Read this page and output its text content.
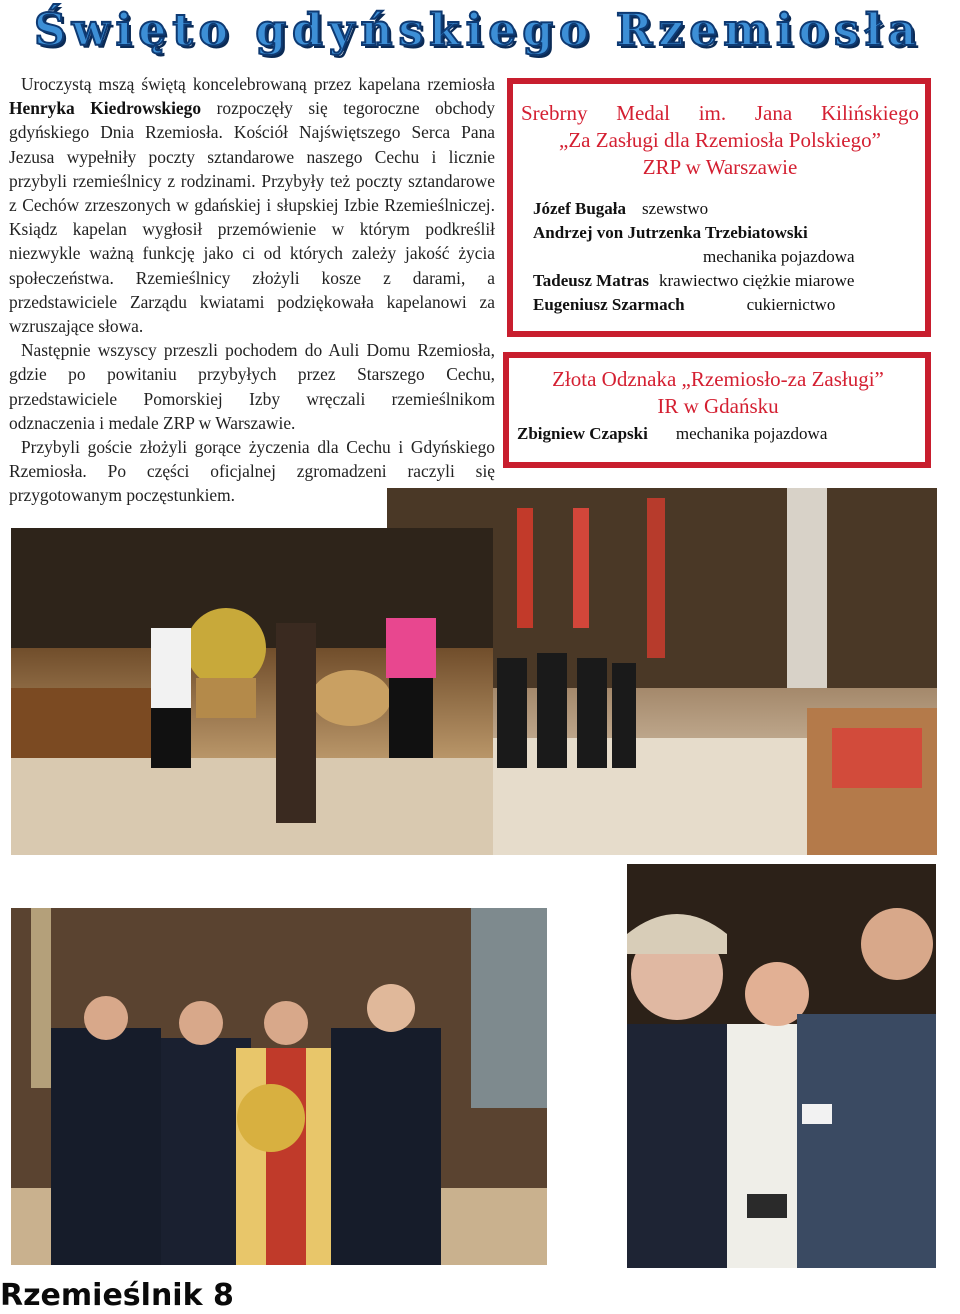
Święto gdyńskiego Rzemiosła

Uroczystą mszą świętą koncelebrowaną przez kapelana rzemiosła Henryka Kiedrowskiego rozpoczęły się tegoroczne obchody gdyńskiego Dnia Rzemiosła. Kościół Najświętszego Serca Pana Jezusa wypełniły poczty sztandarowe naszego Cechu i licznie przybyli rzemieślnicy z rodzinami. Przybyły też poczty sztandarowe z Cechów zrzeszonych w gdańskiej i słupskiej Izbie Rzemieślniczej. Ksiądz kapelan wygłosił przemówienie w którym podkreślił niezwykle ważną funkcję jako ci od których zależy jakość życia społeczeństwa. Rzemieślnicy złożyli kosze z darami, a przedstawiciele Zarządu kwiatami podziękowała kapelanowi za wzruszające słowa.

Następnie wszyscy przeszli pochodem do Auli Domu Rzemiosła, gdzie po powitaniu przybyłych przez Starszego Cechu, przedstawiciele Pomorskiej Izby wręczali rzemieślnikom odznaczenia i medale ZRP w Warszawie.

Przybyli goście złożyli gorące życzenia dla Cechu i Gdyńskiego Rzemiosła. Po części oficjalnej zgromadzeni raczyli się przygotowanym poczęstunkiem.

Srebrny Medal im. Jana Kilińskiego
„Za Zasługi dla Rzemiosła Polskiego”
ZRP w Warszawie
Józef Bugała szewstwo
Andrzej von Jutrzenka Trzebiatowski
mechanika pojazdowa
Tadeusz Matras krawiectwo ciężkie miarowe
Eugeniusz Szarmach	cukiernictwo
Złota Odznaka „Rzemiosło-za Zasługi”
IR w Gdańsku
Zbigniew Czapski mechanika pojazdowa
Rzemieślnik 8
